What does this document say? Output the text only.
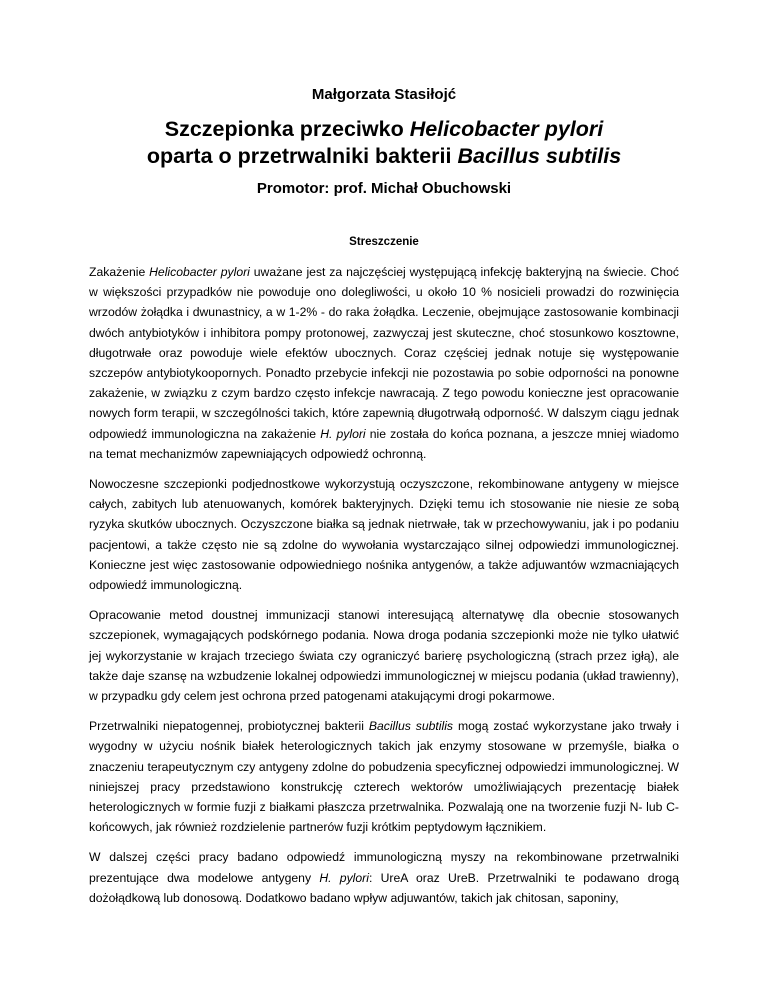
Małgorzata Stasiłojć
Szczepionka przeciwko Helicobacter pylori
oparta o przetrwalniki bakterii Bacillus subtilis
Promotor: prof. Michał Obuchowski
Streszczenie

Zakażenie Helicobacter pylori uważane jest za najczęściej występującą infekcję bakteryjną na świecie. Choć w większości przypadków nie powoduje ono dolegliwości, u około 10 % nosicieli prowadzi do rozwinięcia wrzodów żołądka i dwunastnicy, a w 1-2% - do raka żołądka. Leczenie, obejmujące zastosowanie kombinacji dwóch antybiotyków i inhibitora pompy protonowej, zazwyczaj jest skuteczne, choć stosunkowo kosztowne, długotrwałe oraz powoduje wiele efektów ubocznych. Coraz częściej jednak notuje się występowanie szczepów antybiotykoopornych. Ponadto przebycie infekcji nie pozostawia po sobie odporności na ponowne zakażenie, w związku z czym bardzo często infekcje nawracają. Z tego powodu konieczne jest opracowanie nowych form terapii, w szczególności takich, które zapewnią długotrwałą odporność. W dalszym ciągu jednak odpowiedź immunologiczna na zakażenie H. pylori nie została do końca poznana, a jeszcze mniej wiadomo na temat mechanizmów zapewniających odpowiedź ochronną.

Nowoczesne szczepionki podjednostkowe wykorzystują oczyszczone, rekombinowane antygeny w miejsce całych, zabitych lub atenuowanych, komórek bakteryjnych. Dzięki temu ich stosowanie nie niesie ze sobą ryzyka skutków ubocznych. Oczyszczone białka są jednak nietrwałe, tak w przechowywaniu, jak i po podaniu pacjentowi, a także często nie są zdolne do wywołania wystarczająco silnej odpowiedzi immunologicznej. Konieczne jest więc zastosowanie odpowiedniego nośnika antygenów, a także adjuwantów wzmacniających odpowiedź immunologiczną.

Opracowanie metod doustnej immunizacji stanowi interesującą alternatywę dla obecnie stosowanych szczepionek, wymagających podskórnego podania. Nowa droga podania szczepionki może nie tylko ułatwić jej wykorzystanie w krajach trzeciego świata czy ograniczyć barierę psychologiczną (strach przez igłą), ale także daje szansę na wzbudzenie lokalnej odpowiedzi immunologicznej w miejscu podania (układ trawienny), w przypadku gdy celem jest ochrona przed patogenami atakującymi drogi pokarmowe.

Przetrwalniki niepatogennej, probiotycznej bakterii Bacillus subtilis mogą zostać wykorzystane jako trwały i wygodny w użyciu nośnik białek heterologicznych takich jak enzymy stosowane w przemyśle, białka o znaczeniu terapeutycznym czy antygeny zdolne do pobudzenia specyficznej odpowiedzi immunologicznej. W niniejszej pracy przedstawiono konstrukcję czterech wektorów umożliwiających prezentację białek heterologicznych w formie fuzji z białkami płaszcza przetrwalnika. Pozwalają one na tworzenie fuzji N- lub C-końcowych, jak również rozdzielenie partnerów fuzji krótkim peptydowym łącznikiem.

W dalszej części pracy badano odpowiedź immunologiczną myszy na rekombinowane przetrwalniki prezentujące dwa modelowe antygeny H. pylori: UreA oraz UreB. Przetrwalniki te podawano drogą dożołądkową lub donosową. Dodatkowo badano wpływ adjuwantów, takich jak chitosan, saponiny,
